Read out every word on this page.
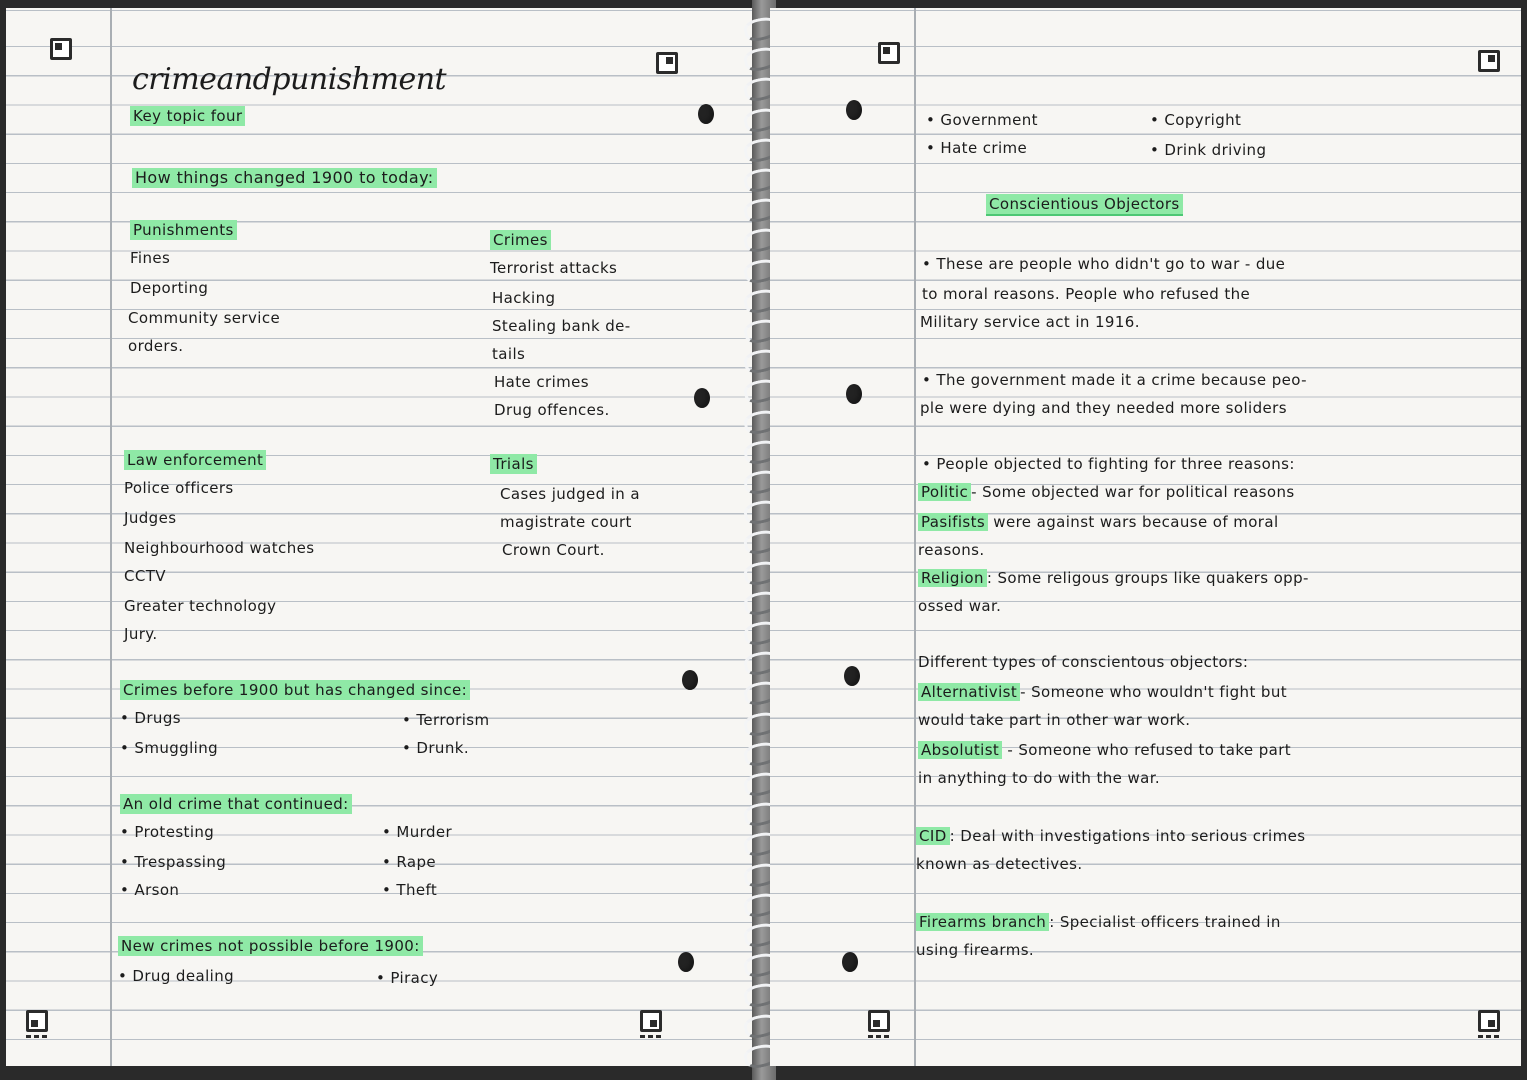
crimeandpunishment
Key topic four
How things changed 1900 to today:
Punishments
Fines
Deporting
Community service
orders.
Crimes
Terrorist attacks
Hacking
Stealing bank de-
tails
Hate crimes
Drug offences.
Law enforcement
Police officers
Judges
Neighbourhood watches
CCTV
Greater technology
Jury.
Trials
Cases judged in a
magistrate court
Crown Court.
Crimes before 1900 but has changed since:
• Drugs
• Smuggling
• Terrorism
• Drunk.
An old crime that continued:
• Protesting
• Trespassing
• Arson
• Murder
• Rape
• Theft
New crimes not possible before 1900:
• Drug dealing	• Piracy
• Government
• Hate crime
• Copyright
• Drink driving
Conscientious Objectors
• These are people who didn't go to war - due
to moral reasons. People who refused the
Military service act in 1916.
• The government made it a crime because peo-
ple were dying and they needed more soliders
• People objected to fighting for three reasons:
Politic - Some objected war for political reasons
Pasifists were against wars because of moral
reasons.
Religion : Some religous groups like quakers opp-
ossed war.
Different types of conscientous objectors:
Alternativist - Someone who wouldn't fight but
would take part in other war work.
Absolutist - Someone who refused to take part
in anything to do with the war.
CID : Deal with investigations into serious crimes
known as detectives.
Firearms branch : Specialist officers trained in
using firearms.
